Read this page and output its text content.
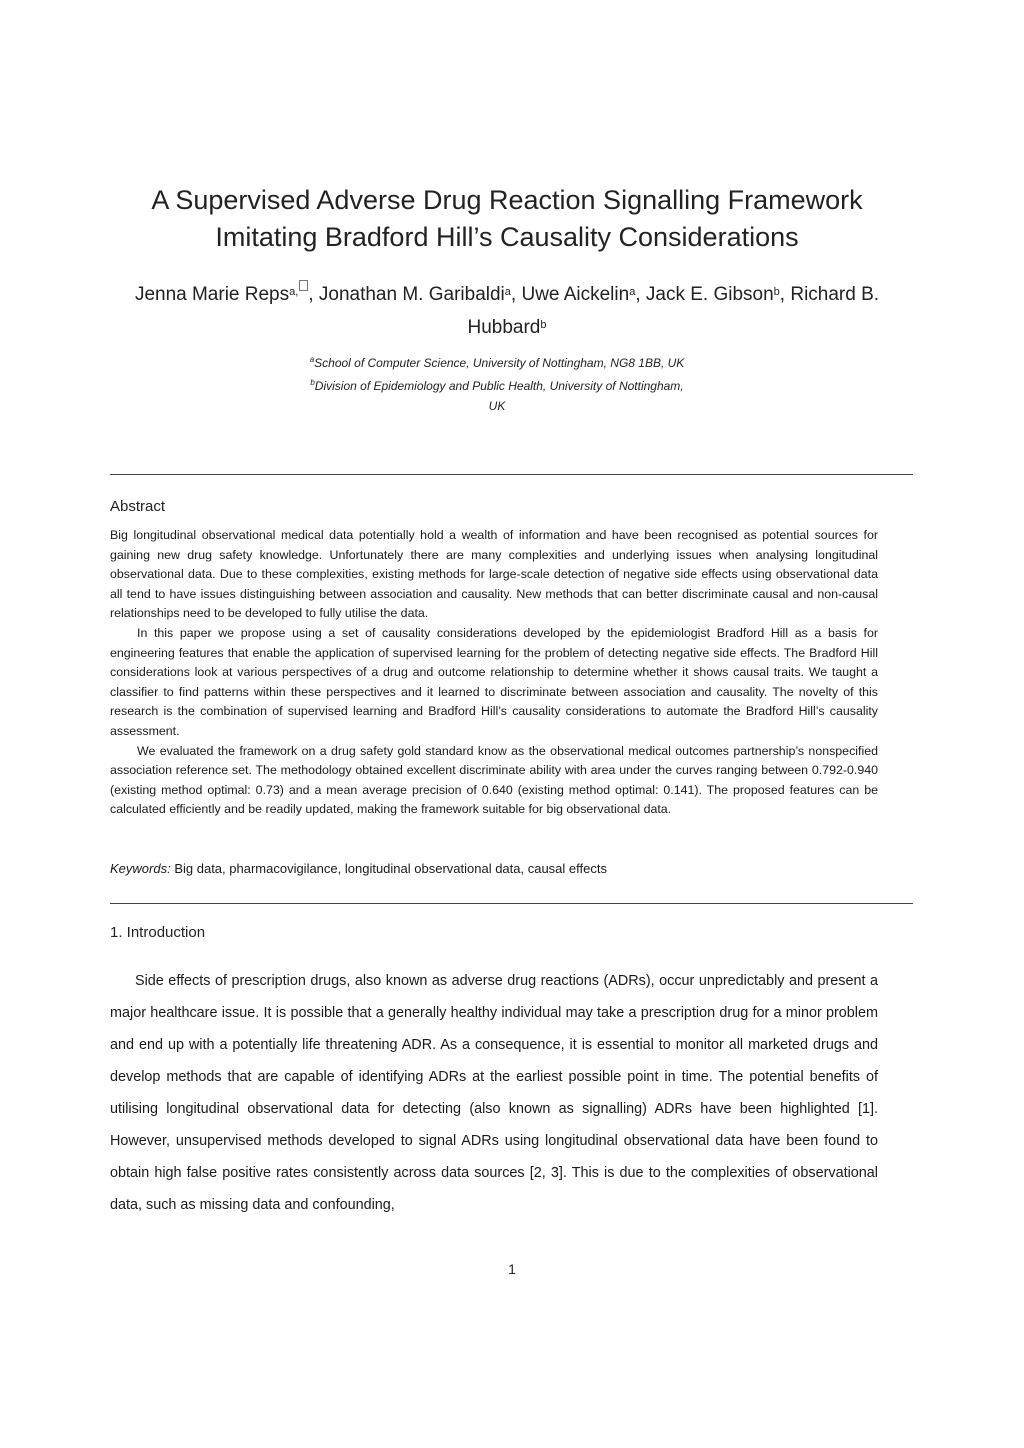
A Supervised Adverse Drug Reaction Signalling Framework
Imitating Bradford Hill’s Causality Considerations
Jenna Marie Reps$^{a,}$ , Jonathan M. Garibaldi$^a$, Uwe Aickelin$^a$, Jack E. Gibson$^b$, Richard B.
Hubbard$^b$
$^a$School of Computer Science, University of Nottingham, NG8 1BB, UK
$^b$Division of Epidemiology and Public Health, University of Nottingham,
UK
Abstract

Big longitudinal observational medical data potentially hold a wealth of information and have been recognised as potential sources for gaining new drug safety knowledge. Unfortunately there are many complexities and underlying issues when analysing longitudinal observational data. Due to these complexities, existing methods for large-scale detection of negative side effects using observational data all tend to have issues distinguishing between association and causality. New methods that can better discriminate causal and non-causal relationships need to be developed to fully utilise the data.

In this paper we propose using a set of causality considerations developed by the epidemiologist Bradford Hill as a basis for engineering features that enable the application of supervised learning for the problem of detecting negative side effects. The Bradford Hill considerations look at various perspectives of a drug and outcome relationship to determine whether it shows causal traits. We taught a classifier to find patterns within these perspectives and it learned to discriminate between association and causality. The novelty of this research is the combination of supervised learning and Bradford Hill’s causality considerations to automate the Bradford Hill’s causality assessment.

We evaluated the framework on a drug safety gold standard know as the observational medical outcomes partnership’s nonspecified association reference set. The methodology obtained excellent discriminate ability with area under the curves ranging between 0.792-0.940 (existing method optimal: 0.73) and a mean average precision of 0.640 (existing method optimal: 0.141). The proposed features can be calculated efficiently and be readily updated, making the framework suitable for big observational data.

Keywords: Big data, pharmacovigilance, longitudinal observational data, causal effects
1. Introduction

Side effects of prescription drugs, also known as adverse drug reactions (ADRs), occur unpredictably and present a major healthcare issue. It is possible that a generally healthy individual may take a prescription drug for a minor problem and end up with a potentially life threatening ADR. As a consequence, it is essential to monitor all marketed drugs and develop methods that are capable of identifying ADRs at the earliest possible point in time. The potential benefits of utilising longitudinal observational data for detecting (also known as signalling) ADRs have been highlighted [1]. However, unsupervised methods developed to signal ADRs using longitudinal observational data have been found to obtain high false positive rates consistently across data sources [2, 3]. This is due to the complexities of observational data, such as missing data and confounding,

1
